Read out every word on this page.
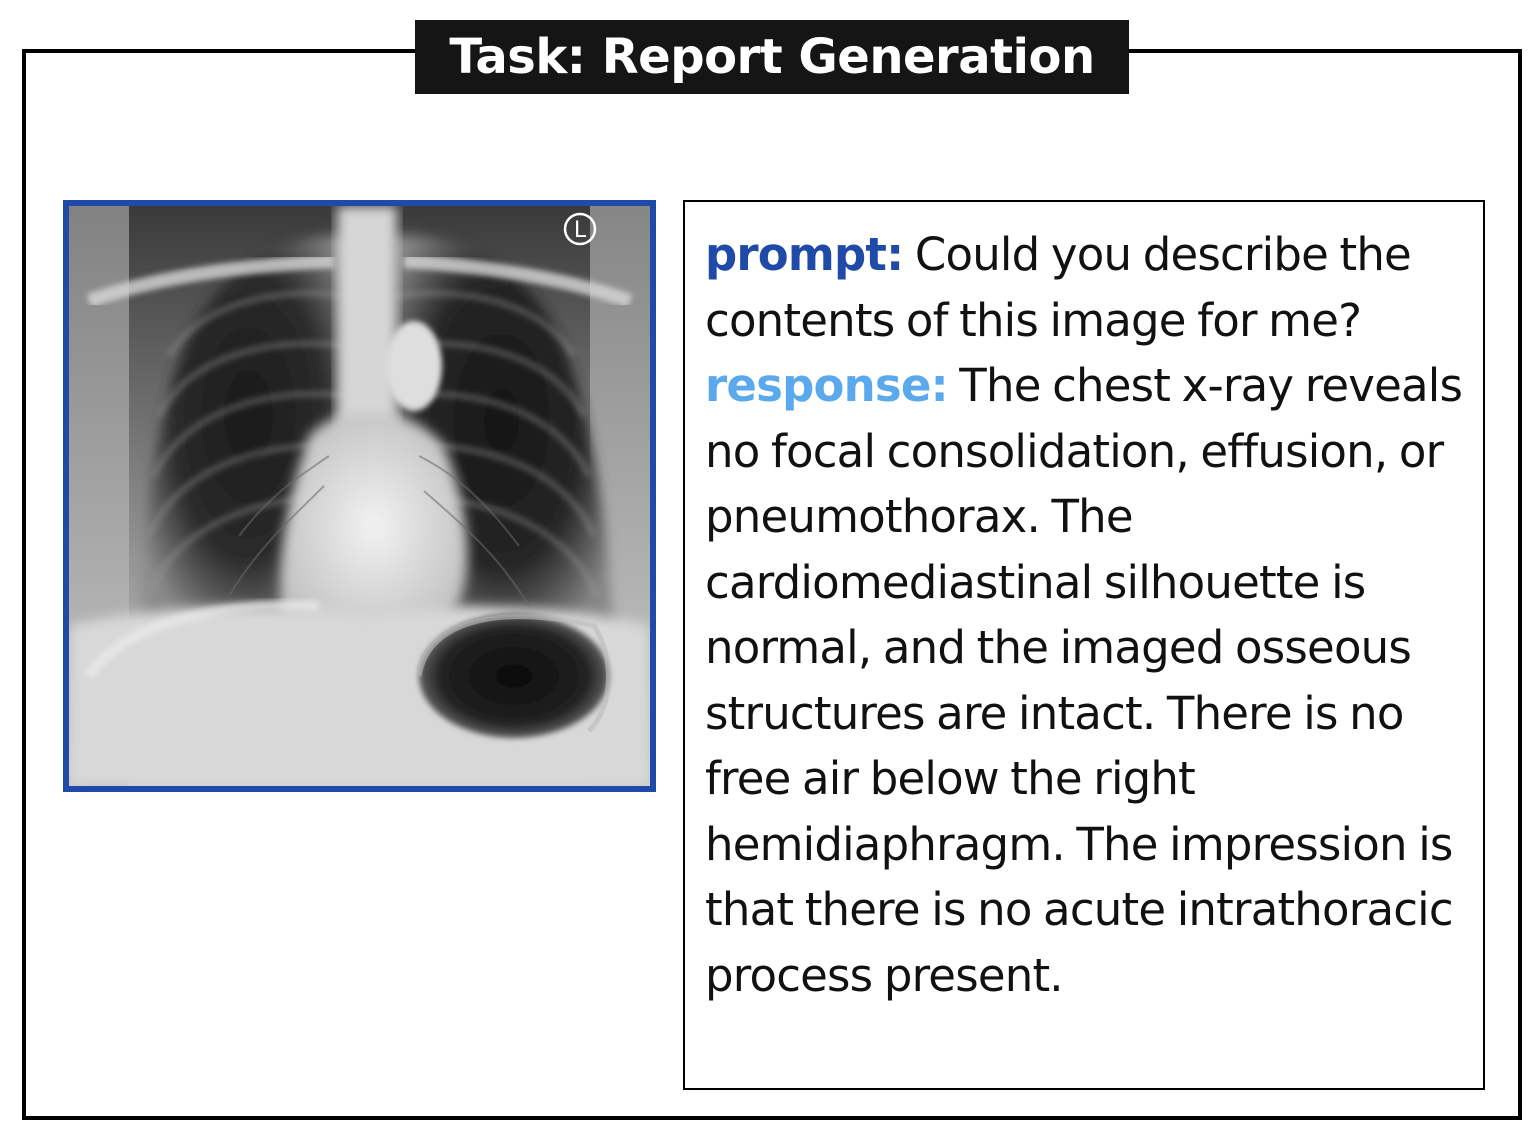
Task: Report Generation
L	prompt: Could you describe the contents of this image for me? response: The chest x-ray reveals no focal consolidation, effusion, or pneumothorax. The cardiomediastinal silhouette is normal, and the imaged osseous structures are intact. There is no free air below the right hemidiaphragm. The impression is that there is no acute intrathoracic process present.
